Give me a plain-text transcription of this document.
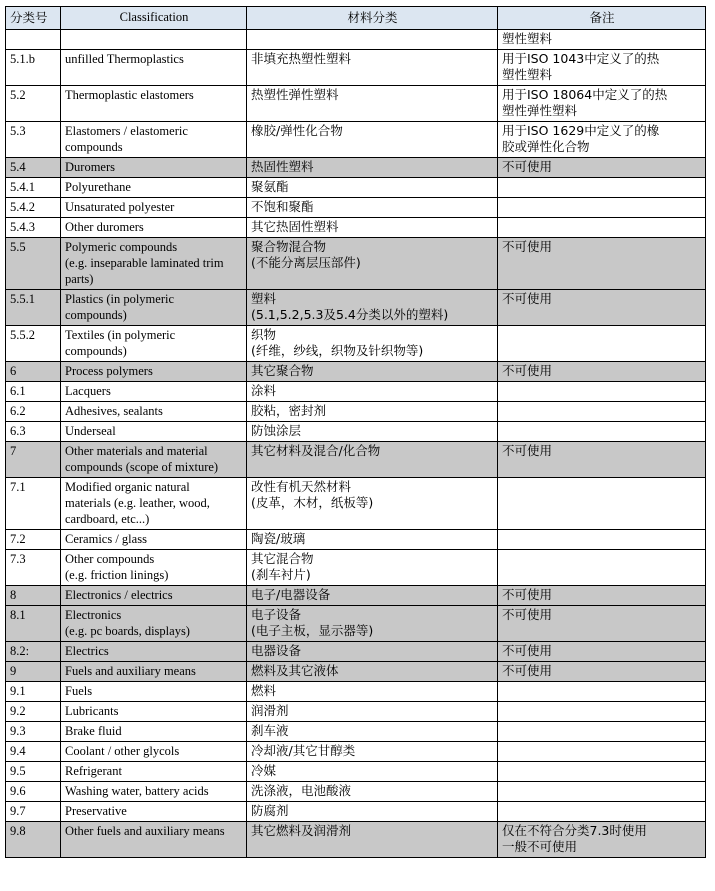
分类号	Classification	材料分类	备注

			塑性塑料

5.1.b	unfilled Thermoplastics	非填充热塑性塑料	用于ISO 1043中定义了的热
塑性塑料

5.2	Thermoplastic elastomers	热塑性弹性塑料	用于ISO 18064中定义了的热
塑性弹性塑料

5.3	Elastomers / elastomeric
compounds	橡胶/弹性化合物	用于ISO 1629中定义了的橡
胶或弹性化合物

5.4	Duromers	热固性塑料	不可使用

5.4.1	Polyurethane	聚氨酯	

5.4.2	Unsaturated polyester	不饱和聚酯	

5.4.3	Other duromers	其它热固性塑料	

5.5	Polymeric compounds
(e.g. inseparable laminated trim
parts)	聚合物混合物
(不能分离层压部件)	不可使用

5.5.1	Plastics (in polymeric
compounds)	塑料
(5.1,5.2,5.3及5.4分类以外的塑料)	不可使用

5.5.2	Textiles (in polymeric
compounds)	织物
(纤维，纱线，织物及针织物等)	

6	Process polymers	其它聚合物	不可使用

6.1	Lacquers	涂料	

6.2	Adhesives, sealants	胶粘，密封剂	

6.3	Underseal	防蚀涂层	

7	Other materials and material
compounds (scope of mixture)	其它材料及混合/化合物	不可使用

7.1	Modified organic natural
materials (e.g. leather, wood,
cardboard, etc...)	改性有机天然材料
(皮革，木材，纸板等)	

7.2	Ceramics / glass	陶瓷/玻璃	

7.3	Other compounds
(e.g. friction linings)	其它混合物
(刹车衬片)	

8	Electronics / electrics	电子/电器设备	不可使用

8.1	Electronics
(e.g. pc boards, displays)	电子设备
(电子主板，显示器等)	不可使用

8.2:	Electrics	电器设备	不可使用

9	Fuels and auxiliary means	燃料及其它液体	不可使用

9.1	Fuels	燃料	

9.2	Lubricants	润滑剂	

9.3	Brake fluid	刹车液	

9.4	Coolant / other glycols	冷却液/其它甘醇类	

9.5	Refrigerant	冷媒	

9.6	Washing water, battery acids	洗涤液，电池酸液	

9.7	Preservative	防腐剂	

9.8	Other fuels and auxiliary means	其它燃料及润滑剂	仅在不符合分类7.3时使用
一般不可使用
